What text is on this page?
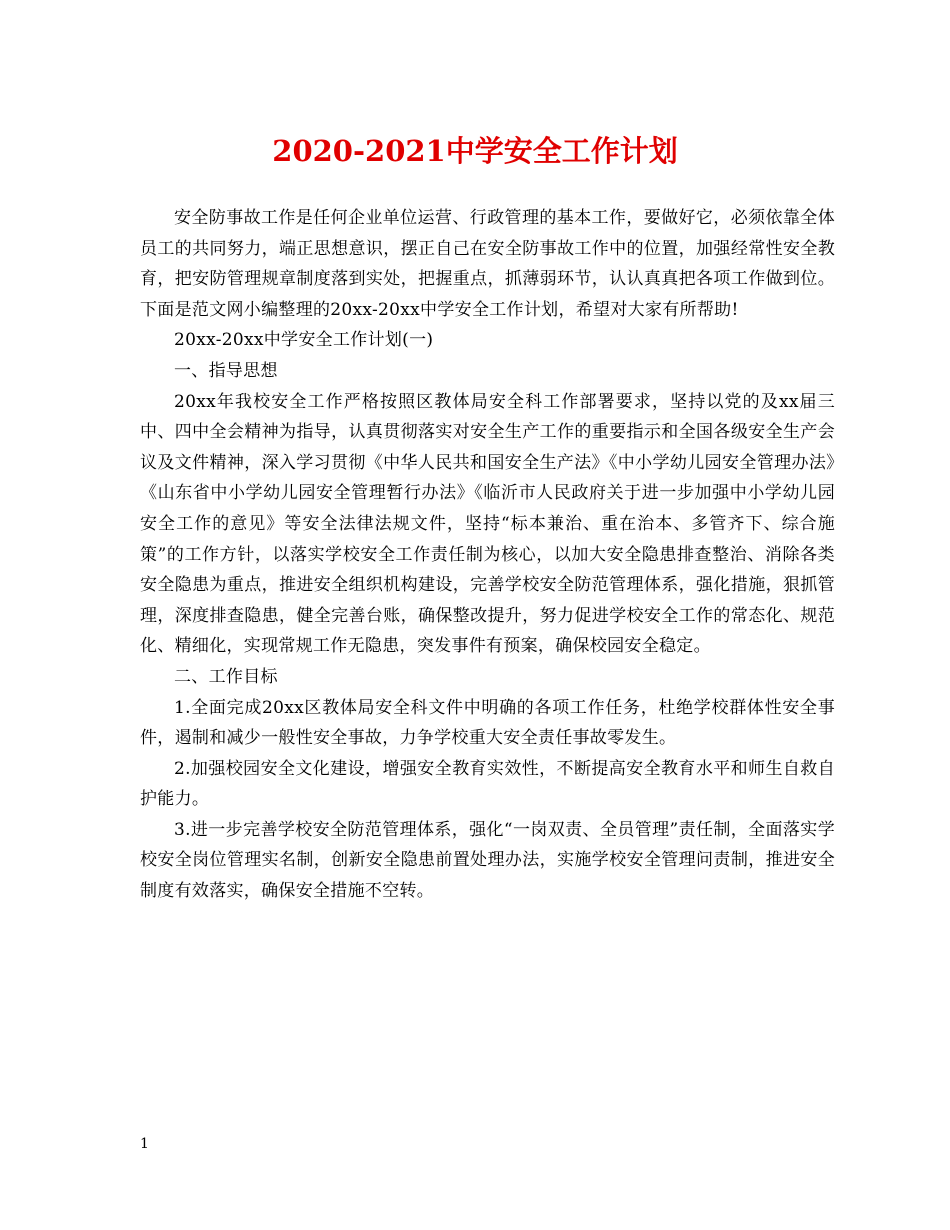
2020-2021中学安全工作计划

安全防事故工作是任何企业单位运营、行政管理的基本工作，要做好它，必须依靠全体员工的共同努力，端正思想意识，摆正自己在安全防事故工作中的位置，加强经常性安全教育，把安防管理规章制度落到实处，把握重点，抓薄弱环节，认认真真把各项工作做到位。下面是范文网小编整理的20xx-20xx中学安全工作计划，希望对大家有所帮助!

20xx-20xx中学安全工作计划(一)

一、指导思想

20xx年我校安全工作严格按照区教体局安全科工作部署要求，坚持以党的及xx届三中、四中全会精神为指导，认真贯彻落实对安全生产工作的重要指示和全国各级安全生产会议及文件精神，深入学习贯彻《中华人民共和国安全生产法》《中小学幼儿园安全管理办法》《山东省中小学幼儿园安全管理暂行办法》《临沂市人民政府关于进一步加强中小学幼儿园安全工作的意见》等安全法律法规文件，坚持“标本兼治、重在治本、多管齐下、综合施策”的工作方针，以落实学校安全工作责任制为核心，以加大安全隐患排查整治、消除各类安全隐患为重点，推进安全组织机构建设，完善学校安全防范管理体系，强化措施，狠抓管理，深度排查隐患，健全完善台账，确保整改提升，努力促进学校安全工作的常态化、规范化、精细化，实现常规工作无隐患，突发事件有预案，确保校园安全稳定。

二、工作目标

1.全面完成20xx区教体局安全科文件中明确的各项工作任务，杜绝学校群体性安全事件，遏制和减少一般性安全事故，力争学校重大安全责任事故零发生。

2.加强校园安全文化建设，增强安全教育实效性，不断提高安全教育水平和师生自救自护能力。

3.进一步完善学校安全防范管理体系，强化“一岗双责、全员管理”责任制，全面落实学校安全岗位管理实名制，创新安全隐患前置处理办法，实施学校安全管理问责制，推进安全制度有效落实，确保安全措施不空转。

1
